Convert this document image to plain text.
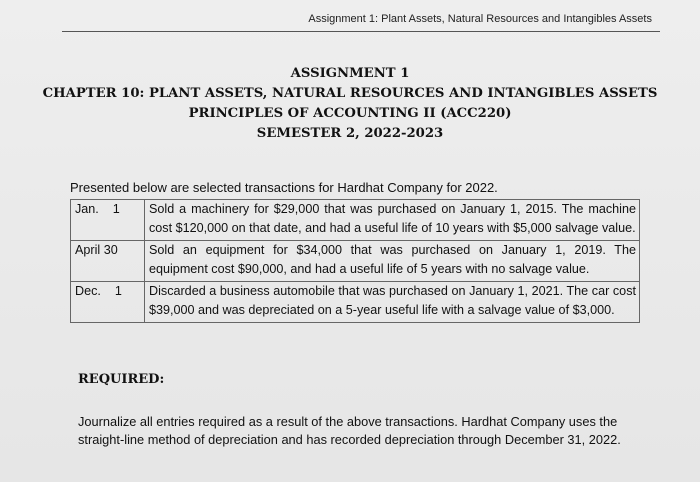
Assignment 1: Plant Assets, Natural Resources and Intangibles Assets
ASSIGNMENT 1
CHAPTER 10: PLANT ASSETS, NATURAL RESOURCES AND INTANGIBLES ASSETS
PRINCIPLES OF ACCOUNTING II (ACC220)
SEMESTER 2, 2022-2023
Presented below are selected transactions for Hardhat Company for 2022.
Jan.    1	Sold a machinery for $29,000 that was purchased on January 1, 2015. The machine cost $120,000 on that date, and had a useful life of 10 years with $5,000 salvage value.
April 30	Sold an equipment for $34,000 that was purchased on January 1, 2019. The equipment cost $90,000, and had a useful life of 5 years with no salvage value.
Dec.    1	Discarded a business automobile that was purchased on January 1, 2021. The car cost $39,000 and was depreciated on a 5-year useful life with a salvage value of $3,000.
REQUIRED:
Journalize all entries required as a result of the above transactions. Hardhat Company uses the straight-line method of depreciation and has recorded depreciation through December 31, 2022.
